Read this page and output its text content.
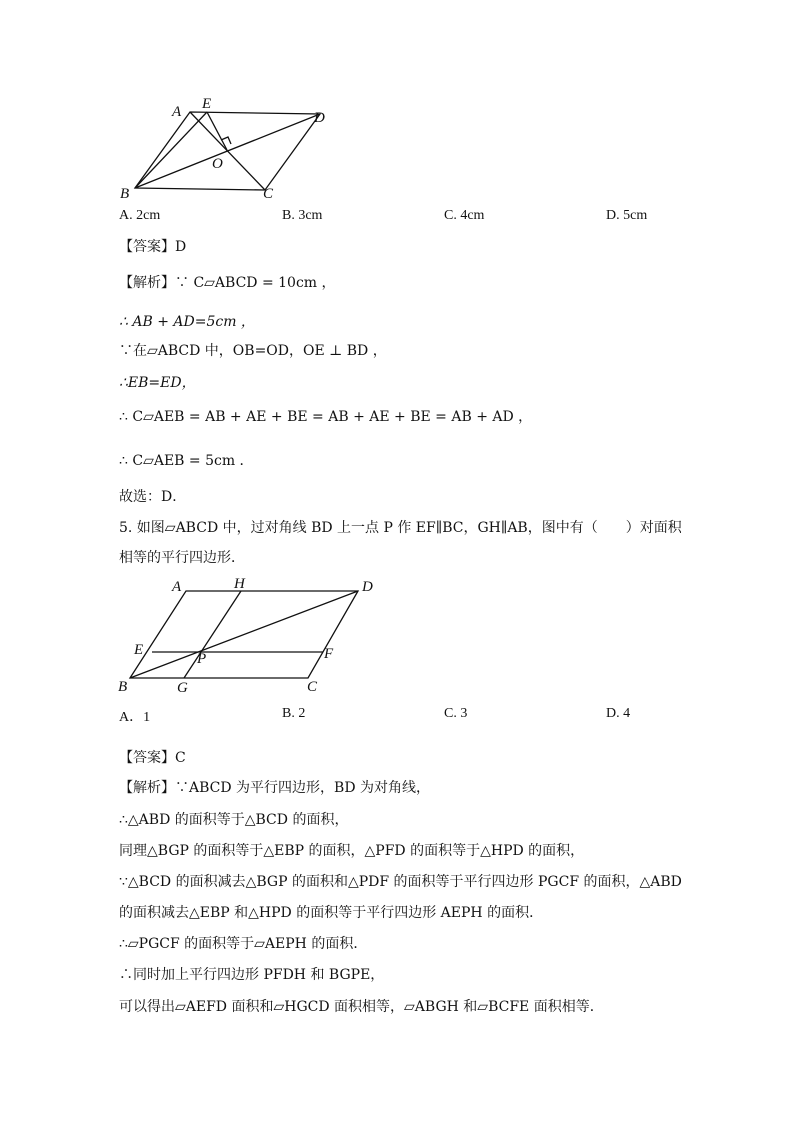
A E
D
O
B	C
A. 2cm	B. 3cm	C. 4cm	D. 5cm
【答案】D
【解析】∵ C▱ABCD = 10cm ，
∴ AB + AD=5cm ，
∵在▱ABCD 中，OB=OD，OE ⊥ BD ，
∴EB=ED，
∴ C▱AEB = AB + AE + BE = AB + AE + BE = AB + AD ，
∴ C▱AEB = 5cm ．
故选：D．
5. 如图▱ABCD 中，过对角线 BD 上一点 P 作 EF∥BC，GH∥AB，图中有（　　）对面积
相等的平行四边形．
A	H	D
E
P	F
B	G	C
A．1	B. 2	C. 3	D. 4
【答案】C
【解析】∵ABCD 为平行四边形，BD 为对角线，
∴△ABD 的面积等于△BCD 的面积，
同理△BGP 的面积等于△EBP 的面积，△PFD 的面积等于△HPD 的面积，
∵△BCD 的面积减去△BGP 的面积和△PDF 的面积等于平行四边形 PGCF 的面积，△ABD
的面积减去△EBP 和△HPD 的面积等于平行四边形 AEPH 的面积．
∴▱PGCF 的面积等于▱AEPH 的面积．
∴同时加上平行四边形 PFDH 和 BGPE，
可以得出▱AEFD 面积和▱HGCD 面积相等，▱ABGH 和▱BCFE 面积相等．
